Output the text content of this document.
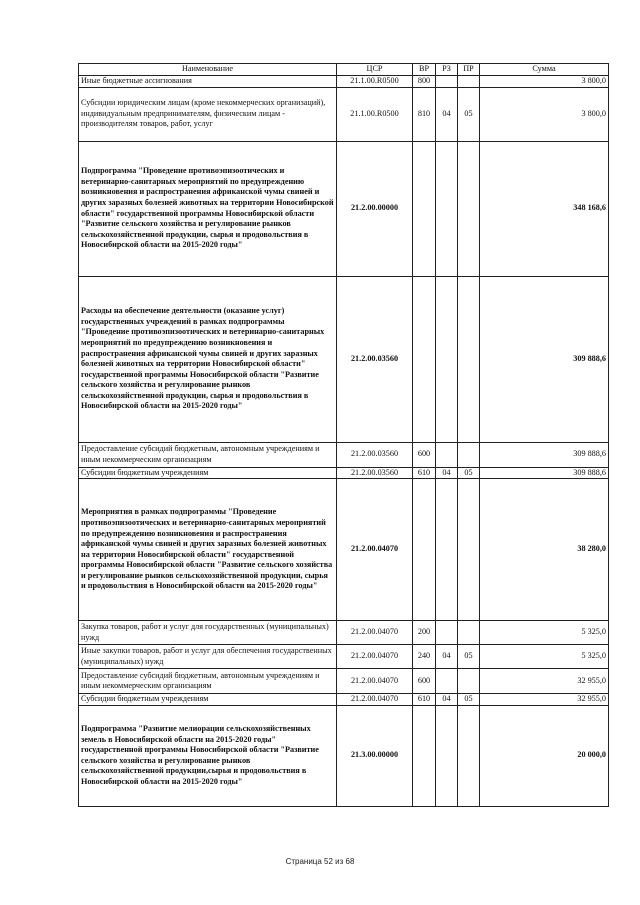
Наименование	ЦСР	ВР	РЗ	ПР	Сумма
Иные бюджетные ассигнования	21.1.00.R0500	800			3 800,0
Субсидии юридическим лицам (кроме некоммерческих организаций), индивидуальным предпринимателям, физическим лицам - производителям товаров, работ, услуг	21.1.00.R0500	810	04	05	3 800,0
Подпрограмма "Проведение противоэпизоотических и ветеринарно-санитарных мероприятий по предупреждению возникновения и распространения африканской чумы свиней и других заразных болезней животных на территории Новосибирской области" государственной программы Новосибирской области "Развитие сельского хозяйства и регулирование рынков сельскохозяйственной продукции, сырья и продовольствия в Новосибирской области на 2015-2020 годы"	21.2.00.00000				348 168,6
Расходы на обеспечение деятельности (оказание услуг) государственных учреждений в рамках подпрограммы "Проведение противоэпизоотических и ветеринарно-санитарных мероприятий по предупреждению возникновения и распространения африканской чумы свиней и других заразных болезней животных на территории Новосибирской области" государственной программы Новосибирской области "Развитие сельского хозяйства и регулирование рынков сельскохозяйственной продукции, сырья и продовольствия в Новосибирской области на 2015-2020 годы"	21.2.00.03560				309 888,6
Предоставление субсидий бюджетным, автономным учреждениям и иным некоммерческим организациям	21.2.00.03560	600			309 888,6
Субсидии бюджетным учреждениям	21.2.00.03560	610	04	05	309 888,6
Мероприятия в рамках подпрограммы "Проведение противоэпизоотических и ветеринарно-санитарных мероприятий по предупреждению возникновения и распространения африканской чумы свиней и других заразных болезней животных на территории Новосибирской области" государственной программы Новосибирской области "Развитие сельского хозяйства и регулирование рынков сельскохозяйственной продукции, сырья и продовольствия в Новосибирской области на 2015-2020 годы"	21.2.00.04070				38 280,0
Закупка товаров, работ и услуг для государственных (муниципальных) нужд	21.2.00.04070	200			5 325,0
Иные закупки товаров, работ и услуг для обеспечения государственных (муниципальных) нужд	21.2.00.04070	240	04	05	5 325,0
Предоставление субсидий бюджетным, автономным учреждениям и иным некоммерческим организациям	21.2.00.04070	600			32 955,0
Субсидии бюджетным учреждениям	21.2.00.04070	610	04	05	32 955,0
Подпрограмма "Развитие мелиорации сельскохозяйственных земель в Новосибирской области на 2015-2020 годы" государственной программы Новосибирской области "Развитие сельского хозяйства и регулирование рынков сельскохозяйственной продукции,сырья и продовольствия в Новосибирской области на 2015-2020 годы"	21.3.00.00000				20 000,0
Страница 52 из 68
